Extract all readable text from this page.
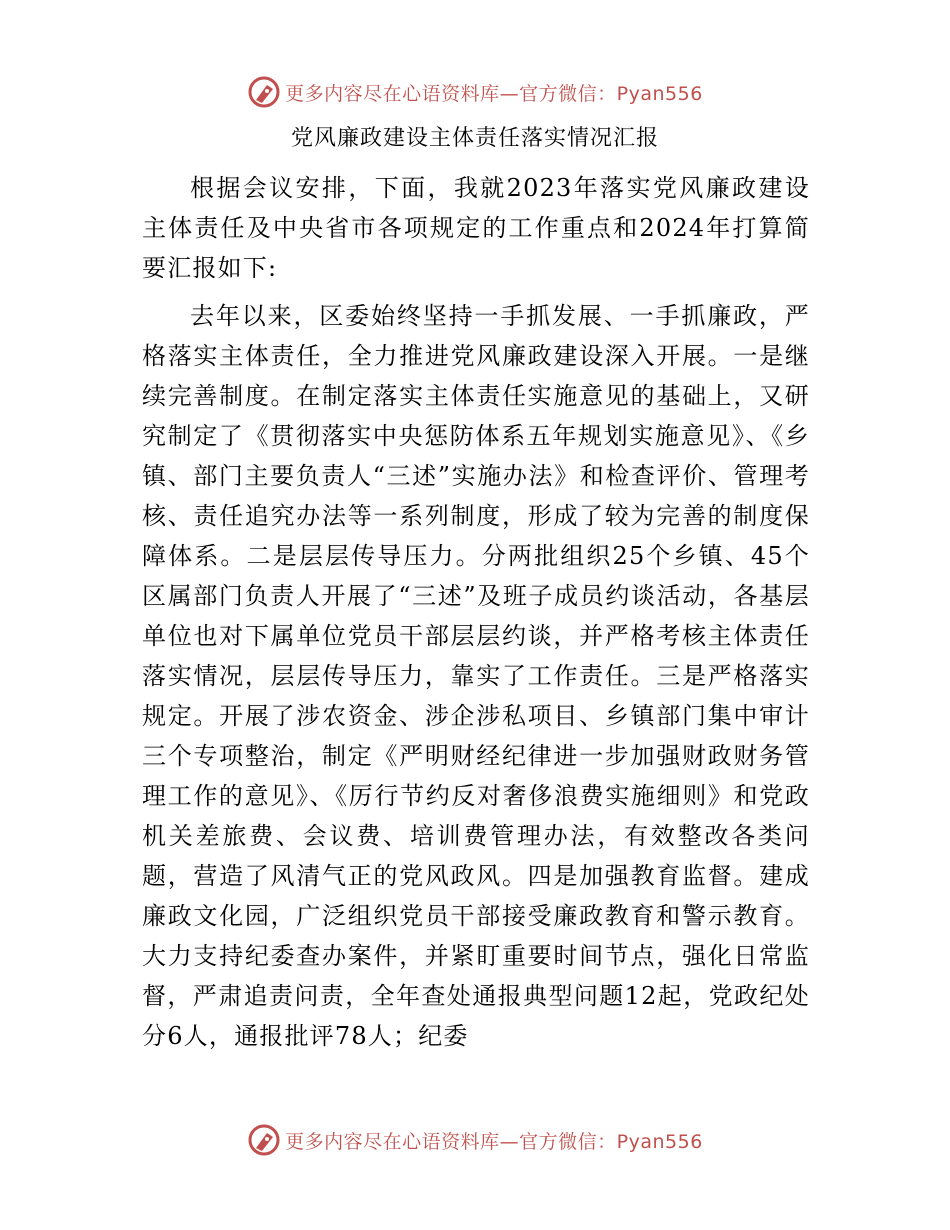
更多内容尽在心语资料库—官方微信：Pyan556
党风廉政建设主体责任落实情况汇报

根据会议安排，下面，我就2023年落实党风廉政建设主体责任及中央省市各项规定的工作重点和2024年打算简要汇报如下:

去年以来，区委始终坚持一手抓发展、一手抓廉政，严格落实主体责任，全力推进党风廉政建设深入开展。一是继续完善制度。在制定落实主体责任实施意见的基础上，又研究制定了《贯彻落实中央惩防体系五年规划实施意见》、《乡镇、部门主要负责人“三述”实施办法》和检查评价、管理考核、责任追究办法等一系列制度，形成了较为完善的制度保障体系。二是层层传导压力。分两批组织25个乡镇、45个区属部门负责人开展了“三述”及班子成员约谈活动，各基层单位也对下属单位党员干部层层约谈，并严格考核主体责任落实情况，层层传导压力，靠实了工作责任。三是严格落实规定。开展了涉农资金、涉企涉私项目、乡镇部门集中审计三个专项整治，制定《严明财经纪律进一步加强财政财务管理工作的意见》、《厉行节约反对奢侈浪费实施细则》和党政机关差旅费、会议费、培训费管理办法，有效整改各类问题，营造了风清气正的党风政风。四是加强教育监督。建成廉政文化园，广泛组织党员干部接受廉政教育和警示教育。大力支持纪委查办案件，并紧盯重要时间节点，强化日常监督，严肃追责问责，全年查处通报典型问题12起，党政纪处分6人，通报批评78人；纪委

更多内容尽在心语资料库—官方微信：Pyan556
